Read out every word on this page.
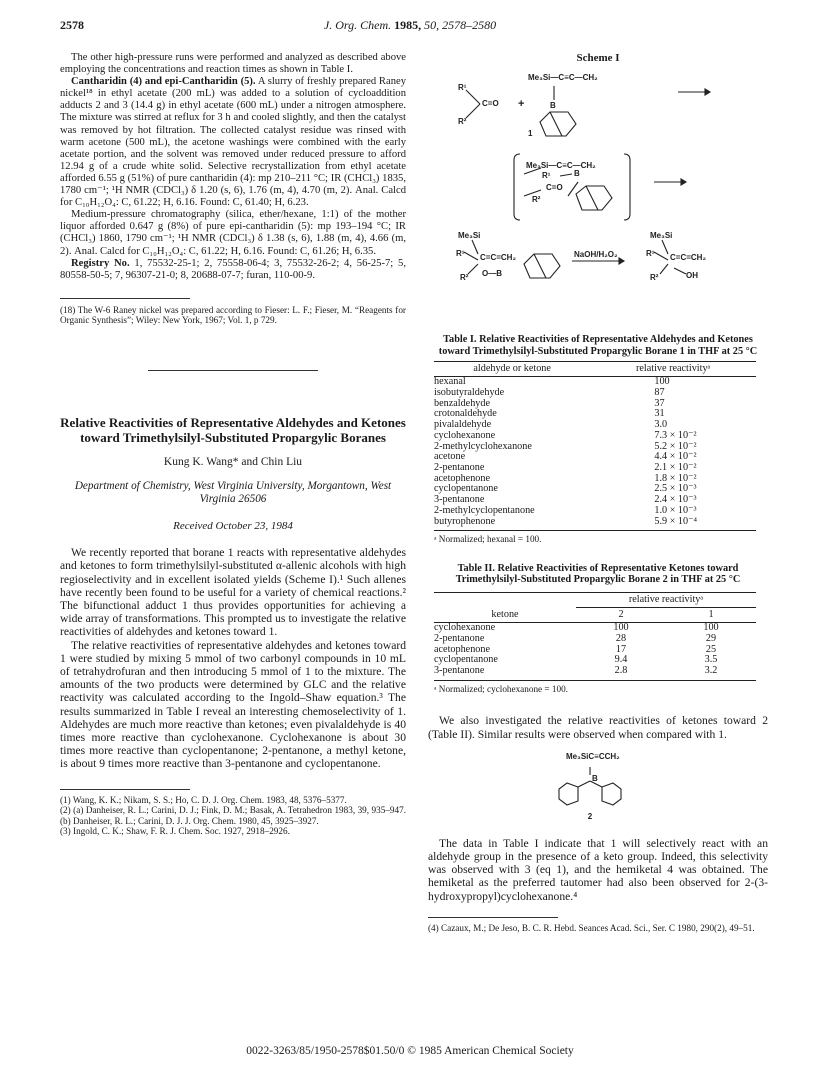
2578	J. Org. Chem. 1985, 50, 2578–2580

The other high-pressure runs were performed and analyzed as described above employing the concentrations and reaction times as shown in Table I.

Cantharidin (4) and epi-Cantharidin (5). A slurry of freshly prepared Raney nickel¹⁸ in ethyl acetate (200 mL) was added to a solution of cycloaddition adducts 2 and 3 (14.4 g) in ethyl acetate (600 mL) under a nitrogen atmosphere. The mixture was stirred at reflux for 3 h and cooled slightly, and then the catalyst was removed by hot filtration. The collected catalyst residue was rinsed with warm acetone (500 mL), the acetone washings were combined with the early acetate portion, and the solvent was removed under reduced pressure to afford 12.94 g of a crude white solid. Selective recrystallization from ethyl acetate afforded 6.55 g (51%) of pure cantharidin (4): mp 210–211 °C; IR (CHCl₃) 1835, 1780 cm⁻¹; ¹H NMR (CDCl₃) δ 1.20 (s, 6), 1.76 (m, 4), 4.70 (m, 2). Anal. Calcd for C₁₀H₁₂O₄: C, 61.22; H, 6.16. Found: C, 61.40; H, 6.23.

Medium-pressure chromatography (silica, ether/hexane, 1:1) of the mother liquor afforded 0.647 g (8%) of pure epi-cantharidin (5): mp 193–194 °C; IR (CHCl₃) 1860, 1790 cm⁻¹; ¹H NMR (CDCl₃) δ 1.38 (s, 6), 1.88 (m, 4), 4.66 (m, 2). Anal. Calcd for C₁₀H₁₂O₄: C, 61.22; H, 6.16. Found: C, 61.26; H, 6.35.

Registry No. 1, 75532-25-1; 2, 75558-06-4; 3, 75532-26-2; 4, 56-25-7; 5, 80558-50-5; 7, 96307-21-0; 8, 20688-07-7; furan, 110-00-9.

(18) The W-6 Raney nickel was prepared according to Fieser: L. F.; Fieser, M. “Reagents for Organic Synthesis”; Wiley: New York, 1967; Vol. 1, p 729.
Relative Reactivities of Representative Aldehydes and Ketones toward Trimethylsilyl-Substituted Propargylic Boranes
Kung K. Wang* and Chin Liu
Department of Chemistry, West Virginia University, Morgantown, West Virginia 26506
Received October 23, 1984

We recently reported that borane 1 reacts with representative aldehydes and ketones to form trimethylsilyl-substituted α-allenic alcohols with high regioselectivity and in excellent isolated yields (Scheme I).¹ Such allenes have recently been found to be useful for a variety of chemical reactions.² The bifunctional adduct 1 thus provides opportunities for achieving a wide array of transformations. This prompted us to investigate the relative reactivities of aldehydes and ketones toward 1.

The relative reactivities of representative aldehydes and ketones toward 1 were studied by mixing 5 mmol of two carbonyl compounds in 10 mL of tetrahydrofuran and then introducing 5 mmol of 1 to the mixture. The amounts of the two products were determined by GLC and the relative reactivity was calculated according to the Ingold–Shaw equation.³ The results summarized in Table I reveal an interesting chemoselectivity of 1. Aldehydes are much more reactive than ketones; even pivalaldehyde is 40 times more reactive than cyclohexanone. Cyclohexanone is about 30 times more reactive than cyclopentanone; 2-pentanone, a methyl ketone, is about 9 times more reactive than 3-pentanone and cyclopentanone.

(1) Wang, K. K.; Nikam, S. S.; Ho, C. D. J. Org. Chem. 1983, 48, 5376–5377.

(2) (a) Danheiser, R. L.; Carini, D. J.; Fink, D. M.; Basak, A. Tetrahedron 1983, 39, 935–947. (b) Danheiser, R. L.; Carini, D. J. J. Org. Chem. 1980, 45, 3925–3927.

(3) Ingold, C. K.; Shaw, F. R. J. Chem. Soc. 1927, 2918–2926.

Scheme I
R¹
C=O
R²
+
Me₃Si—C≡C—CH₂
B
1
Me₃Si—C≡C—CH₂
R¹	B
C=O
R²
Me₃Si
R¹ C=C=CH₂
R² O—B
NaOH/H₂O₂
Me₃Si
R¹ C=C=CH₂
R²	OH
Table I. Relative Reactivities of Representative Aldehydes and Ketones toward Trimethylsilyl-Substituted Propargylic Borane 1 in THF at 25 °C
aldehyde or ketone	relative reactivityᵃ
hexanal	100
isobutyraldehyde	87
benzaldehyde	37
crotonaldehyde	31
pivalaldehyde	3.0
cyclohexanone	7.3 × 10⁻²
2-methylcyclohexanone	5.2 × 10⁻²
acetone	4.4 × 10⁻²
2-pentanone	2.1 × 10⁻²
acetophenone	1.8 × 10⁻²
cyclopentanone	2.5 × 10⁻³
3-pentanone	2.4 × 10⁻³
2-methylcyclopentanone	1.0 × 10⁻³
butyrophenone	5.9 × 10⁻⁴
ᵃ Normalized; hexanal = 100.
Table II. Relative Reactivities of Representative Ketones toward Trimethylsilyl-Substituted Propargylic Borane 2 in THF at 25 °C
	relative reactivityᵃ	
ketone	2	1
cyclohexanone	100	100
2-pentanone	28	29
acetophenone	17	25
cyclopentanone	9.4	3.5
3-pentanone	2.8	3.2
ᵃ Normalized; cyclohexanone = 100.

We also investigated the relative reactivities of ketones toward 2 (Table II). Similar results were observed when compared with 1.

Me₃SiC≡CCH₂
B
2

The data in Table I indicate that 1 will selectively react with an aldehyde group in the presence of a keto group. Indeed, this selectivity was observed with 3 (eq 1), and the hemiketal 4 was obtained. The hemiketal as the preferred tautomer had also been observed for 2-(3-hydroxypropyl)cyclohexanone.⁴

(4) Cazaux, M.; De Jeso, B. C. R. Hebd. Seances Acad. Sci., Ser. C 1980, 290(2), 49–51.
0022-3263/85/1950-2578$01.50/0 © 1985 American Chemical Society
